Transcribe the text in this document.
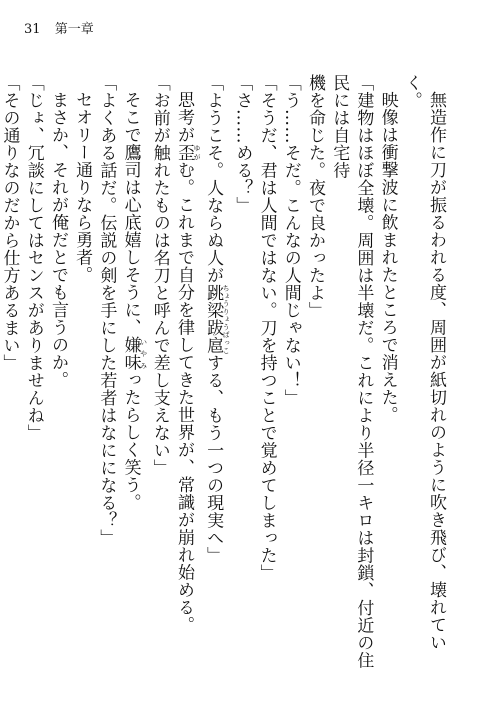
31 第一章

無造作に刀が振るわれる度、周囲が紙切れのように吹き飛び、壊れていく。

映像は衝撃波に飲まれたところで消えた。

「建物はほぼ全壊。周囲は半壊だ。これにより半径一キロは封鎖、付近の住民には自宅待

機を命じた。夜で良かったよ」

「う……そだ。こんなの人間じゃない！」

「そうだ、君は人間ではない。刀を持つことで覚めてしまった」

「さ……める？」

「ようこそ。人ならぬ人が跳梁跋扈 ちょうりょうばっこする、もう一つの現実へ」

思考が歪 ゆがむ。これまで自分を律してきた世界が、常識が崩れ始める。

「お前が触れたものは名刀と呼んで差し支えない」

そこで鷹司は心底嬉しそうに、嫌味 いやみったらしく笑う。

「よくある話だ。伝説の剣を手にした若者はなにになる？」

セオリー通りなら勇者。

まさか、それが俺だとでも言うのか。

「じょ、冗談にしてはセンスがありませんね」

「その通りなのだから仕方あるまい」
